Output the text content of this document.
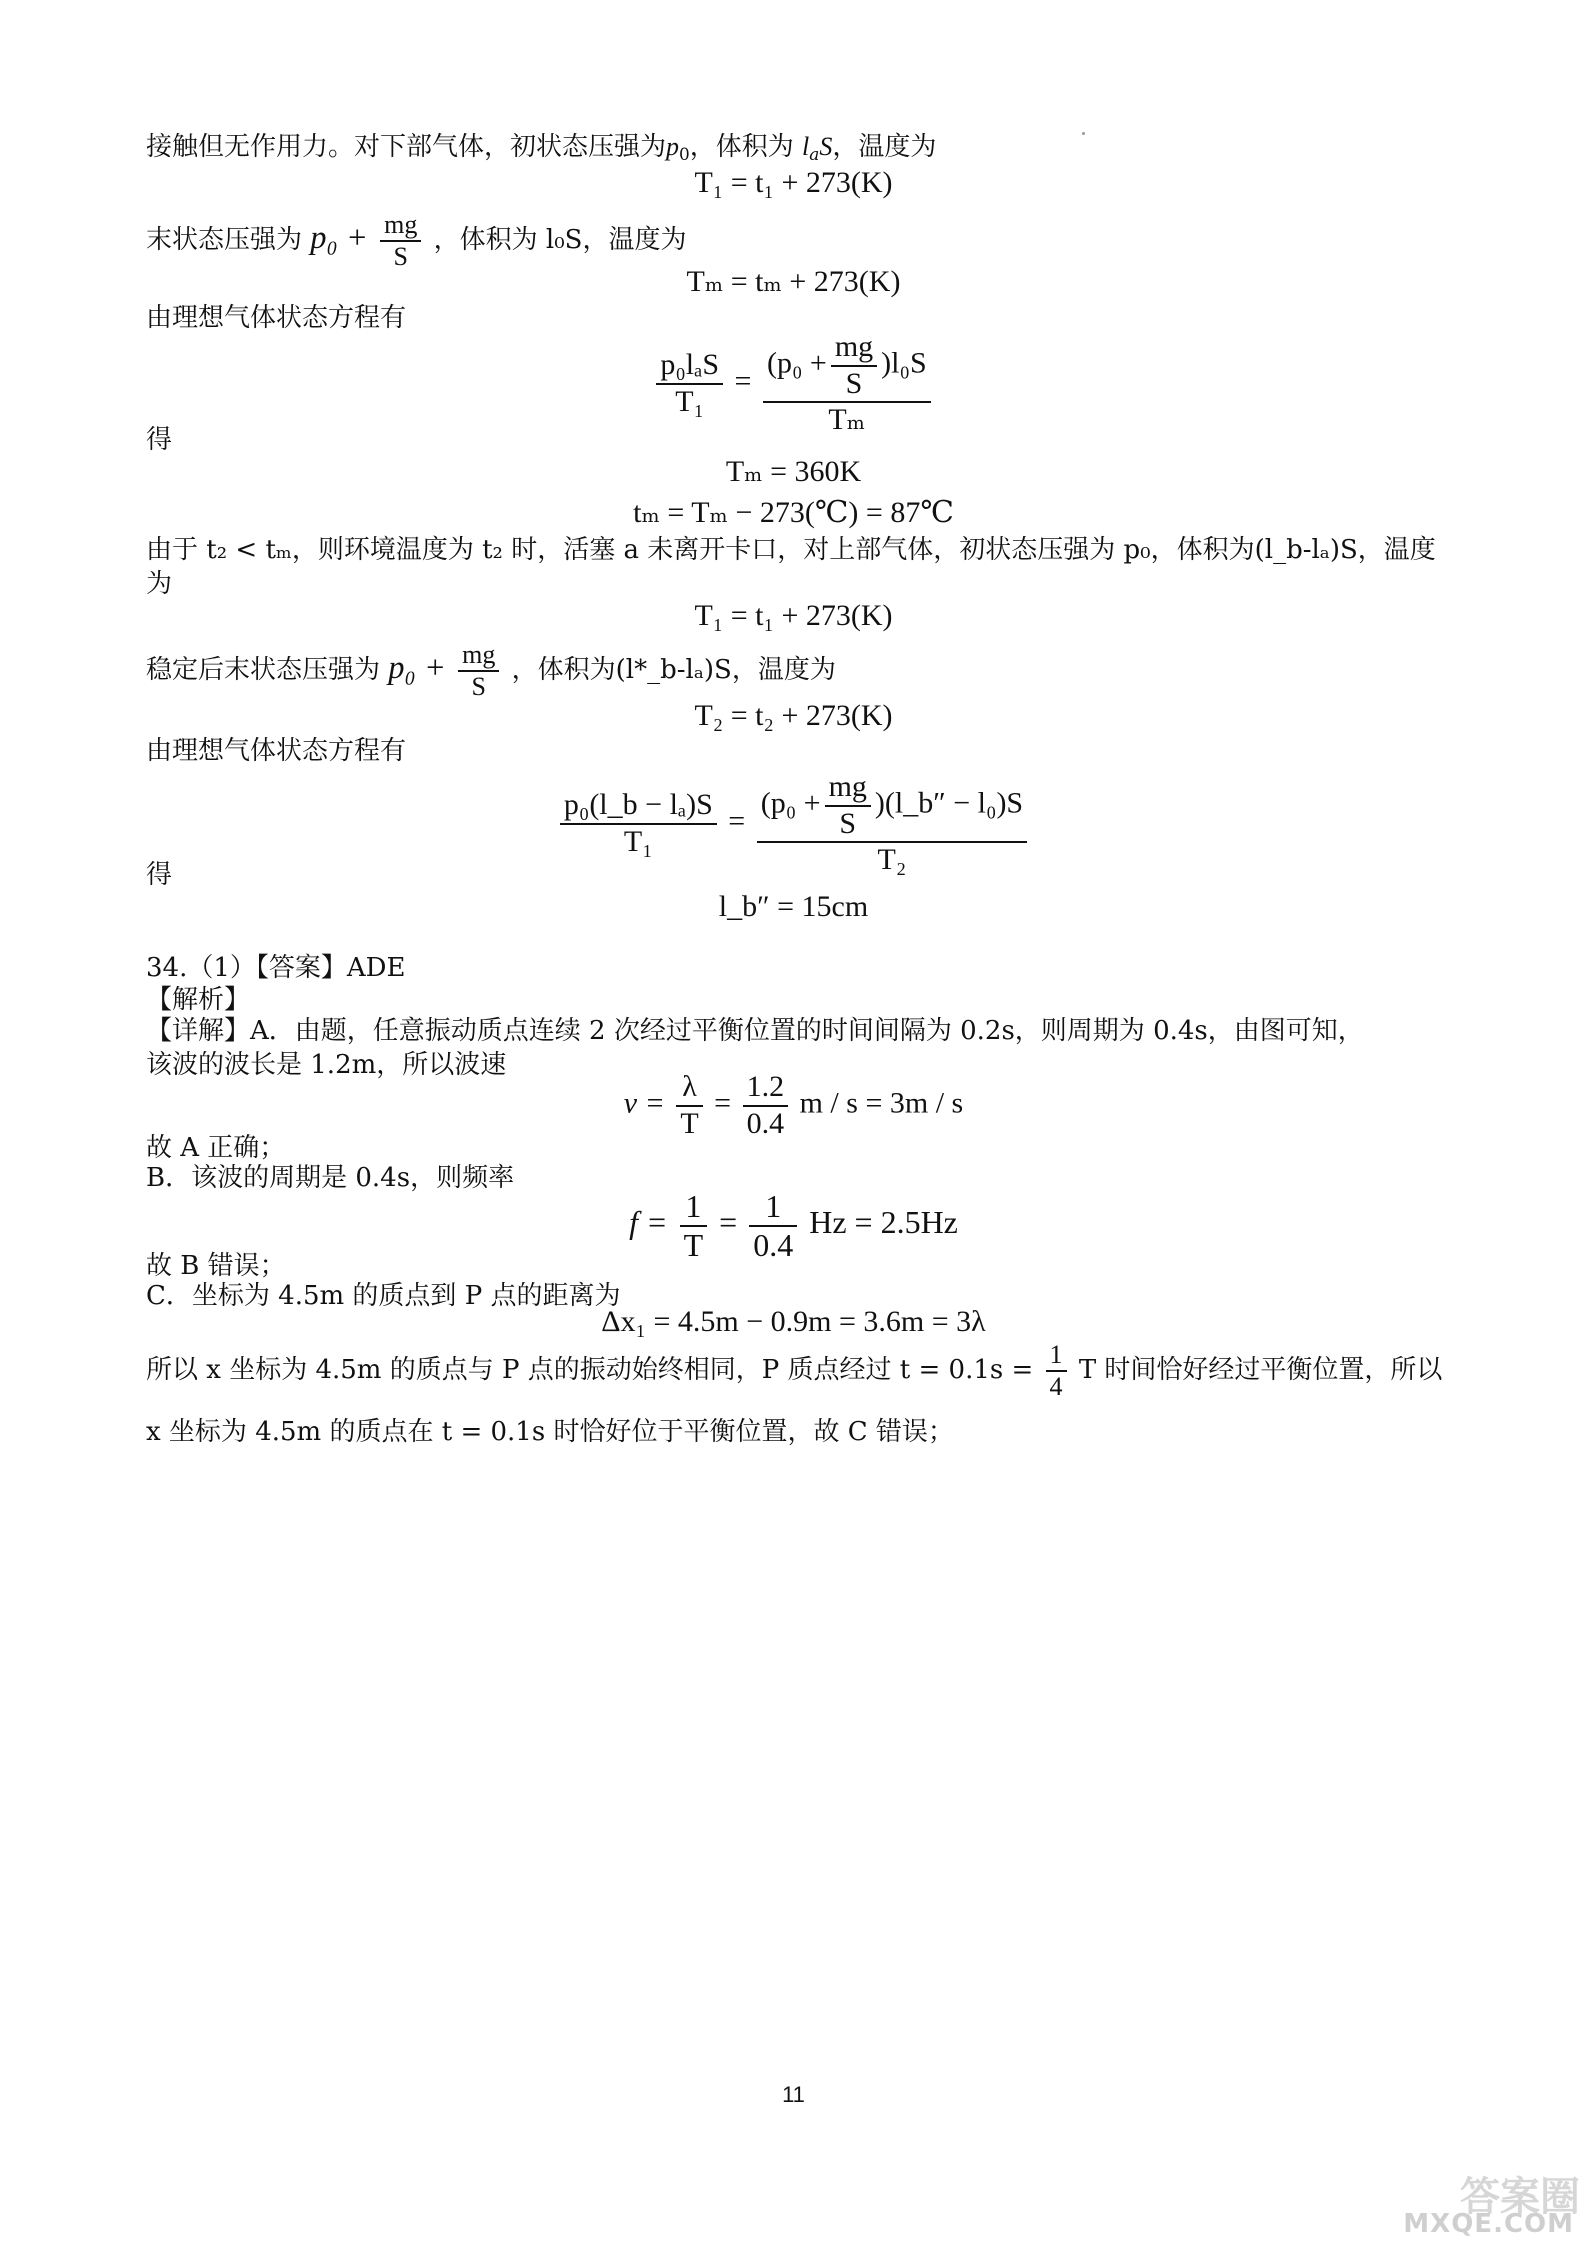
接触但无作用力。对下部气体，初状态压强为$p_0$，体积为 laS，温度为
T₁ = t₁ + 273(K)
末状态压强为 $p_0 + \frac{mg}{S}$ ，体积为 l₀S，温度为
Tₘ = tₘ + 273(K)
由理想气体状态方程有
$\frac{\text{p₀lₐS}}{\text{T₁}} = \frac{(p_0 + \frac{mg}{S} )l_0S}{\text{Tₘ}}$
得
Tₘ = 360K
tₘ = Tₘ − 273(℃) = 87℃
由于 t₂ < tₘ，则环境温度为 t₂ 时，活塞 a 未离开卡口，对上部气体，初状态压强为 p₀，体积为(l_b-lₐ)S，温度
为
T₁ = t₁ + 273(K)
稳定后末状态压强为 $p_0 + \frac{mg}{S}$ ，体积为(l*_b-lₐ)S，温度为
T₂ = t₂ + 273(K)
由理想气体状态方程有
$\frac{\text{p₀(l\_b − lₐ)S}}{\text{T₁}} = \frac{(p_0 + \frac{mg}{S} )(l\_b'' - l_0)S}{\text{T₂}}$
得
l_b″ = 15cm
34.（1）【答案】ADE
【解析】
【详解】A．由题，任意振动质点连续 2 次经过平衡位置的时间间隔为 0.2s，则周期为 0.4s，由图可知，
该波的波长是 1.2m，所以波速
$v = \frac{\lambda}{T} = \frac{1.2}{0.4}$ m / s = 3m / s
故 A 正确；
B．该波的周期是 0.4s，则频率
$f = \frac{1}{T} = \frac{1}{0.4}$ Hz = 2.5Hz
故 B 错误；
C．坐标为 4.5m 的质点到 P 点的距离为
Δx₁ = 4.5m − 0.9m = 3.6m = 3λ
所以 x 坐标为 4.5m 的质点与 P 点的振动始终相同，P 质点经过 $t = 0.1s = \frac{1}{4}$ T 时间恰好经过平衡位置，所以
x 坐标为 4.5m 的质点在 t = 0.1s 时恰好位于平衡位置，故 C 错误；
11
答案圈
MXQE.COM
